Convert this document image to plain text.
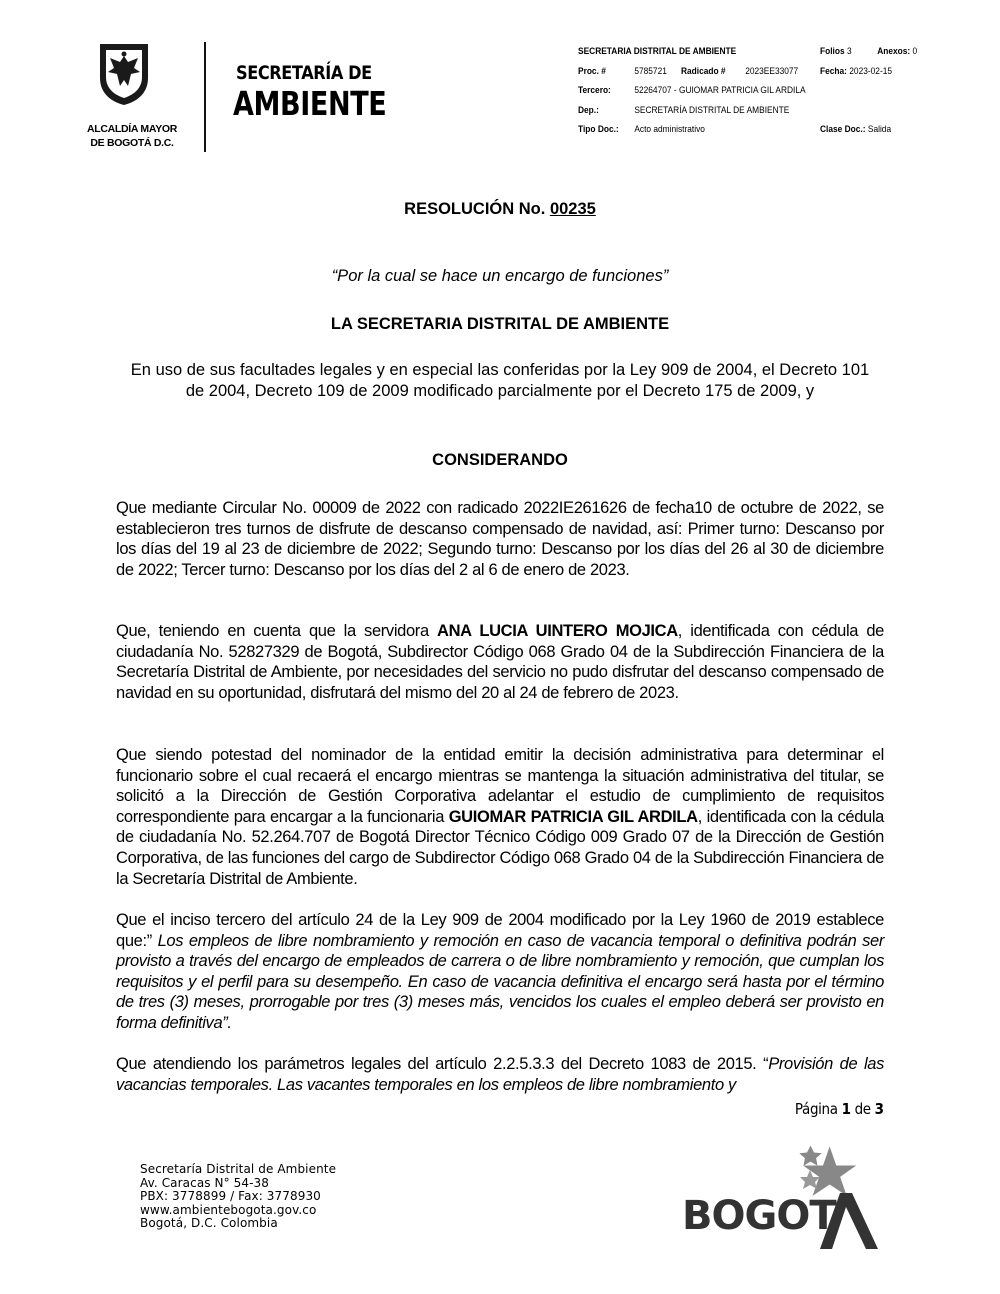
ALCALDÍA MAYOR
DE BOGOTÁ D.C.
SECRETARÍA DE
AMBIENTE
SECRETARIA DISTRITAL DE AMBIENTE	Folios 3	Anexos: 0
Proc. #	5785721 Radicado # 2023EE33077 Fecha: 2023-02-15
Tercero: 52264707 - GUIOMAR PATRICIA GIL ARDILA
Dep.:	SECRETARÍA DISTRITAL DE AMBIENTE
Tipo Doc.: Acto administrativo	Clase Doc.: Salida
RESOLUCIÓN No. 00235
“Por la cual se hace un encargo de funciones”
LA SECRETARIA DISTRITAL DE AMBIENTE
En uso de sus facultades legales y en especial las conferidas por la Ley 909 de 2004, el Decreto 101 de 2004, Decreto 109 de 2009 modificado parcialmente por el Decreto 175 de 2009, y
CONSIDERANDO
Que mediante Circular No. 00009 de 2022 con radicado 2022IE261626 de fecha10 de octubre de 2022, se establecieron tres turnos de disfrute de descanso compensado de navidad, así: Primer turno: Descanso por los días del 19 al 23 de diciembre de 2022; Segundo turno: Descanso por los días del 26 al 30 de diciembre de 2022; Tercer turno: Descanso por los días del 2 al 6 de enero de 2023.
Que, teniendo en cuenta que la servidora ANA LUCIA UINTERO MOJICA, identificada con cédula de ciudadanía No. 52827329 de Bogotá, Subdirector Código 068 Grado 04 de la Subdirección Financiera de la Secretaría Distrital de Ambiente, por necesidades del servicio no pudo disfrutar del descanso compensado de navidad en su oportunidad, disfrutará del mismo del 20 al 24 de febrero de 2023.
Que siendo potestad del nominador de la entidad emitir la decisión administrativa para determinar el funcionario sobre el cual recaerá el encargo mientras se mantenga la situación administrativa del titular, se solicitó a la Dirección de Gestión Corporativa adelantar el estudio de cumplimiento de requisitos correspondiente para encargar a la funcionaria GUIOMAR PATRICIA GIL ARDILA, identificada con la cédula de ciudadanía No. 52.264.707 de Bogotá Director Técnico Código 009 Grado 07 de la Dirección de Gestión Corporativa, de las funciones del cargo de Subdirector Código 068 Grado 04 de la Subdirección Financiera de la Secretaría Distrital de Ambiente.
Que el inciso tercero del artículo 24 de la Ley 909 de 2004 modificado por la Ley 1960 de 2019 establece que:” Los empleos de libre nombramiento y remoción en caso de vacancia temporal o definitiva podrán ser provisto a través del encargo de empleados de carrera o de libre nombramiento y remoción, que cumplan los requisitos y el perfil para su desempeño. En caso de vacancia definitiva el encargo será hasta por el término de tres (3) meses, prorrogable por tres (3) meses más, vencidos los cuales el empleo deberá ser provisto en forma definitiva”.
Que atendiendo los parámetros legales del artículo 2.2.5.3.3 del Decreto 1083 de 2015. “Provisión de las vacancias temporales. Las vacantes temporales en los empleos de libre nombramiento y
Página 1 de 3
Secretaría Distrital de Ambiente
Av. Caracas N° 54-38
PBX: 3778899 / Fax: 3778930
www.ambientebogota.gov.co
Bogotá, D.C. Colombia	BOGOT
